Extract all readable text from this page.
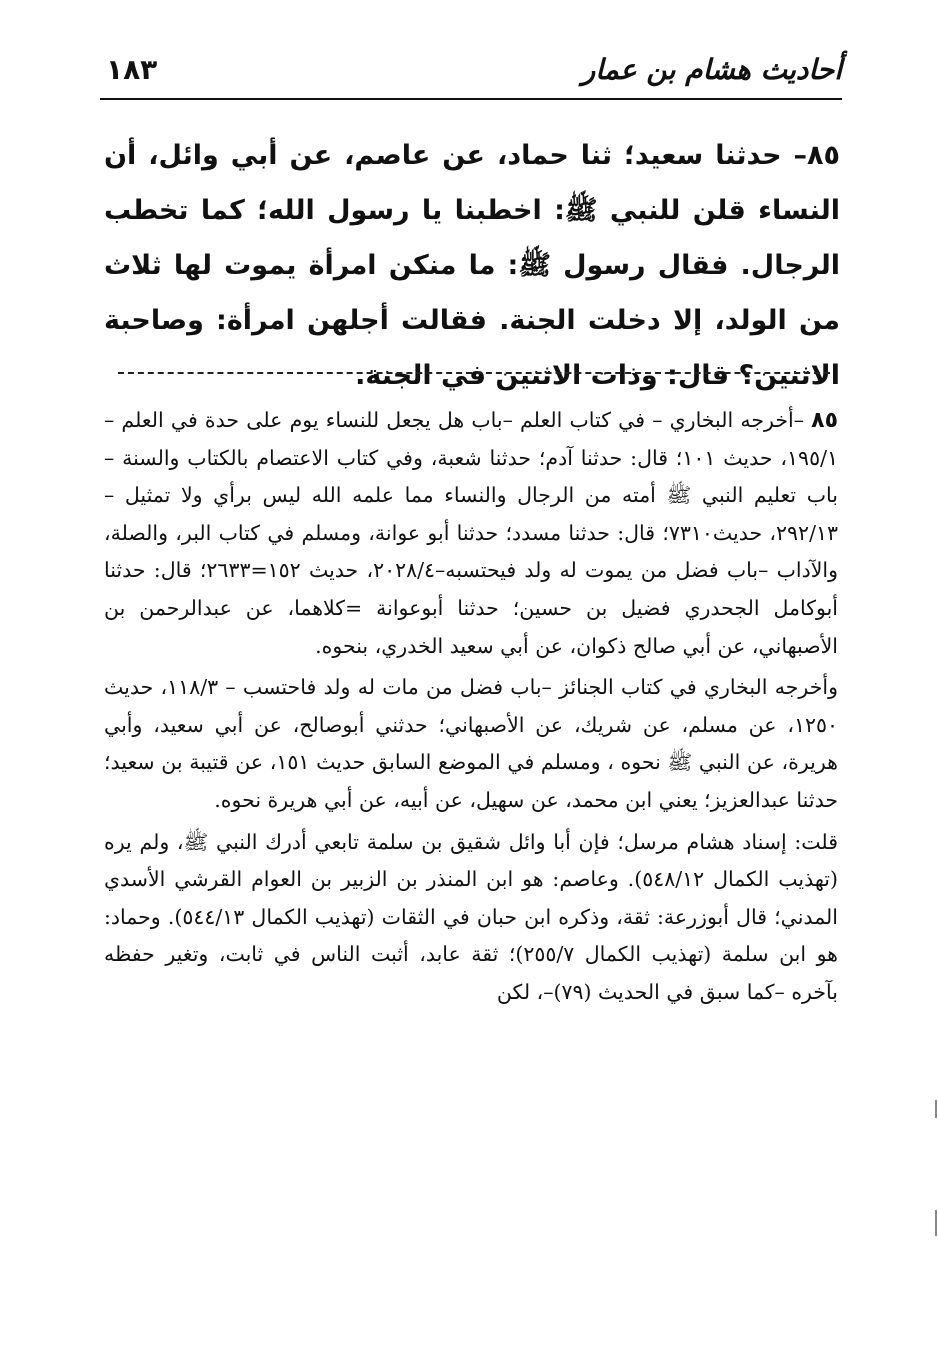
أحاديث هشام بن عمار
١٨٣
٨٥– حدثنا سعيد؛ ثنا حماد، عن عاصم، عن أبي وائل، أن النساء قلن للنبي ﷺ: اخطبنا يا رسول الله؛ كما تخطب الرجال. فقال رسول ﷺ: ما منكن امرأة يموت لها ثلاث من الولد، إلا دخلت الجنة. فقالت أجلهن امرأة: وصاحبة الاثنين؟ قال: وذات الاثنين في الجنة.

٨٥ –أخرجه البخاري – في كتاب العلم –باب هل يجعل للنساء يوم على حدة في العلم –١٩٥/١، حديث ١٠١؛ قال: حدثنا آدم؛ حدثنا شعبة، وفي كتاب الاعتصام بالكتاب والسنة –باب تعليم النبي ﷺ أمته من الرجال والنساء مما علمه الله ليس برأي ولا تمثيل –٢٩٢/١٣، حديث٧٣١٠؛ قال: حدثنا مسدد؛ حدثنا أبو عوانة، ومسلم في كتاب البر، والصلة، والآداب –باب فضل من يموت له ولد فيحتسبه–٢٠٢٨/٤، حديث ١٥٢=٢٦٣٣؛ قال: حدثنا أبوكامل الجحدري فضيل بن حسين؛ حدثنا أبوعوانة =كلاهما، عن عبدالرحمن بن الأصبهاني، عن أبي صالح ذكوان، عن أبي سعيد الخدري، بنحوه.

وأخرجه البخاري في كتاب الجنائز –باب فضل من مات له ولد فاحتسب – ١١٨/٣، حديث ١٢٥٠، عن مسلم، عن شريك، عن الأصبهاني؛ حدثني أبوصالح، عن أبي سعيد، وأبي هريرة، عن النبي ﷺ نحوه ، ومسلم في الموضع السابق حديث ١٥١، عن قتيبة بن سعيد؛ حدثنا عبدالعزيز؛ يعني ابن محمد، عن سهيل، عن أبيه، عن أبي هريرة نحوه.

قلت: إسناد هشام مرسل؛ فإن أبا وائل شقيق بن سلمة تابعي أدرك النبي ﷺ، ولم يره (تهذيب الكمال ٥٤٨/١٢). وعاصم: هو ابن المنذر بن الزبير بن العوام القرشي الأسدي المدني؛ قال أبوزرعة: ثقة، وذكره ابن حبان في الثقات (تهذيب الكمال ٥٤٤/١٣). وحماد: هو ابن سلمة (تهذيب الكمال ٢٥٥/٧)؛ ثقة عابد، أثبت الناس في ثابت، وتغير حفظه بآخره –كما سبق في الحديث (٧٩)–، لكن
